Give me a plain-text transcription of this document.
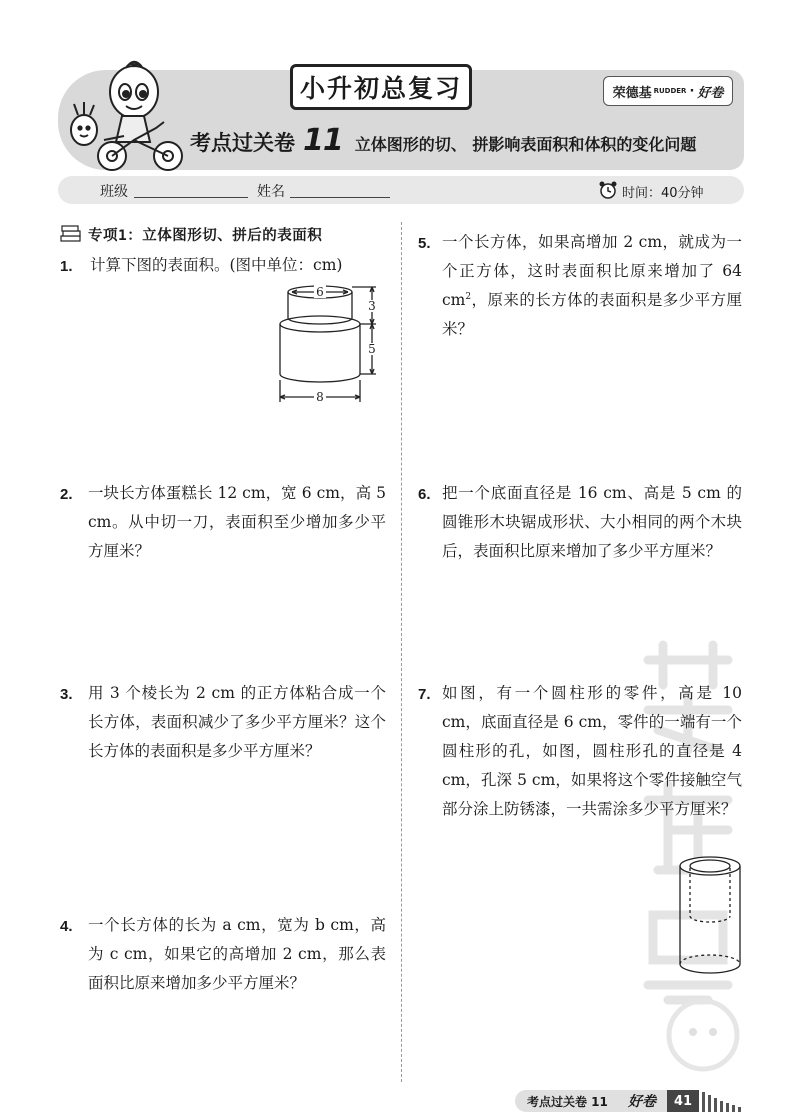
小升初总复习	荣德基 RUDDER · 好卷
考点过关卷 11 立体图形的切、 拼影响表面积和体积的变化问题
班级	姓名	时间：40分钟
专项1：立体图形切、拼后的表面积
1. 计算下图的表面积。(图中单位：cm)
6
3
5
8
2. 一块长方体蛋糕长 12 cm，宽 6 cm，高 5 cm。从中切一刀，表面积至少增加多少平方厘米？
3. 用 3 个棱长为 2 cm 的正方体粘合成一个长方体，表面积减少了多少平方厘米？这个长方体的表面积是多少平方厘米？
4. 一个长方体的长为 a cm，宽为 b cm，高为 c cm，如果它的高增加 2 cm，那么表面积比原来增加多少平方厘米？
5. 一个长方体，如果高增加 2 cm，就成为一个正方体，这时表面积比原来增加了 64 $cm^2$，原来的长方体的表面积是多少平方厘米？
6. 把一个底面直径是 16 cm、高是 5 cm 的圆锥形木块锯成形状、大小相同的两个木块后，表面积比原来增加了多少平方厘米？
7. 如图，有一个圆柱形的零件，高是 10 cm，底面直径是 6 cm，零件的一端有一个圆柱形的孔，如图，圆柱形孔的直径是 4 cm，孔深 5 cm，如果将这个零件接触空气部分涂上防锈漆，一共需涂多少平方厘米？
考点过关卷 11 好卷	41
